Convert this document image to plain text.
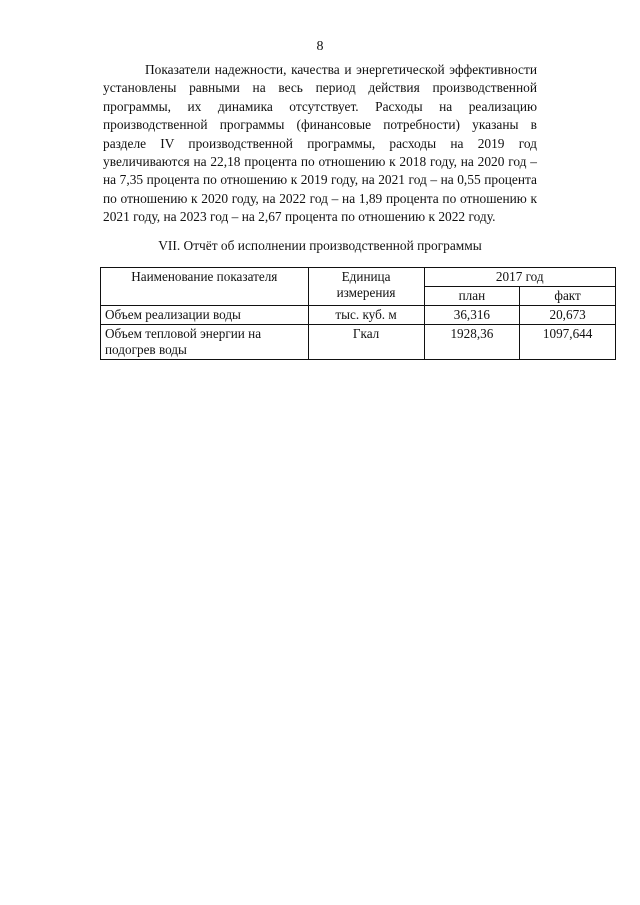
8

Показатели надежности, качества и энергетической эффективности установлены равными на весь период действия производственной программы, их динамика отсутствует. Расходы на реализацию производственной программы (финансовые потребности) указаны в разделе IV производственной программы, расходы на 2019 год увеличиваются на 22,18 процента по отношению к 2018 году, на 2020 год – на 7,35 процента по отношению к 2019 году, на 2021 год – на 0,55 процента по отношению к 2020 году, на 2022 год – на 1,89 процента по отношению к 2021 году, на 2023 год – на 2,67 процента по отношению к 2022 году.

VII. Отчёт об исполнении производственной программы
Наименование показателя	Единица измерения	2017 год	
		план	факт
Объем реализации воды	тыс. куб. м	36,316	20,673
Объем тепловой энергии на подогрев воды	Гкал	1928,36	1097,644
